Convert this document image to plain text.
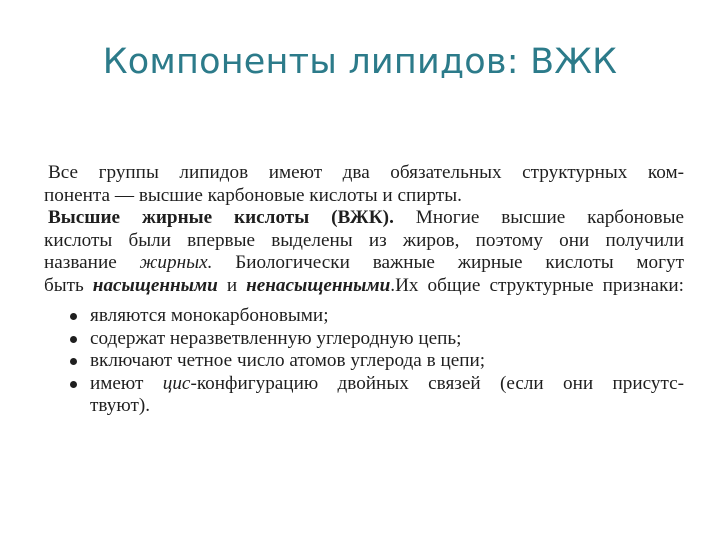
Компоненты липидов: ВЖК
Все группы липидов имеют два обязательных структурных ком-
понента — высшие карбоновые кислоты и спирты.
Высшие жирные кислоты (ВЖК). Многие высшие карбоновые
кислоты были впервые выделены из жиров, поэтому они получили
название жирных. Биологически важные жирные кислоты могут
быть насыщенными и ненасыщенными.Их общие структурные признаки:
являются монокарбоновыми;
содержат неразветвленную углеродную цепь;
включают четное число атомов углерода в цепи;
имеют цис-конфигурацию двойных связей (если они присутс-
твуют).
